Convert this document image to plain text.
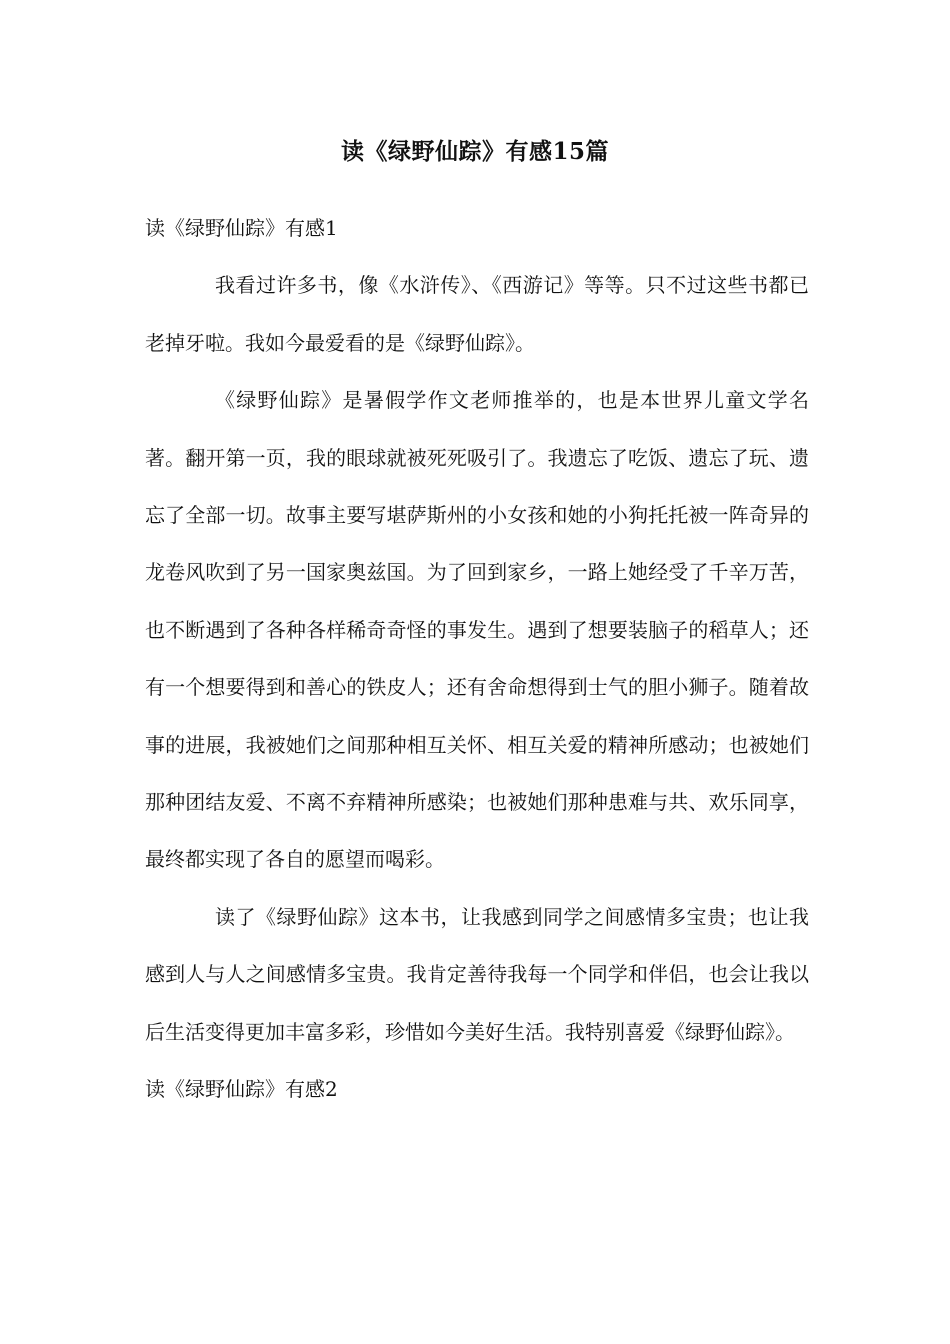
读《绿野仙踪》有感15篇

读《绿野仙踪》有感1

我看过许多书，像《水浒传》、《西游记》等等。只不过这些书都已老掉牙啦。我如今最爱看的是《绿野仙踪》。

《绿野仙踪》是暑假学作文老师推举的，也是本世界儿童文学名著。翻开第一页，我的眼球就被死死吸引了。我遗忘了吃饭、遗忘了玩、遗忘了全部一切。故事主要写堪萨斯州的小女孩和她的小狗托托被一阵奇异的龙卷风吹到了另一国家奥兹国。为了回到家乡，一路上她经受了千辛万苦，也不断遇到了各种各样稀奇奇怪的事发生。遇到了想要装脑子的稻草人；还有一个想要得到和善心的铁皮人；还有舍命想得到士气的胆小狮子。随着故事的进展，我被她们之间那种相互关怀、相互关爱的精神所感动；也被她们那种团结友爱、不离不弃精神所感染；也被她们那种患难与共、欢乐同享，最终都实现了各自的愿望而喝彩。

读了《绿野仙踪》这本书，让我感到同学之间感情多宝贵；也让我感到人与人之间感情多宝贵。我肯定善待我每一个同学和伴侣，也会让我以后生活变得更加丰富多彩，珍惜如今美好生活。我特别喜爱《绿野仙踪》。

读《绿野仙踪》有感2
